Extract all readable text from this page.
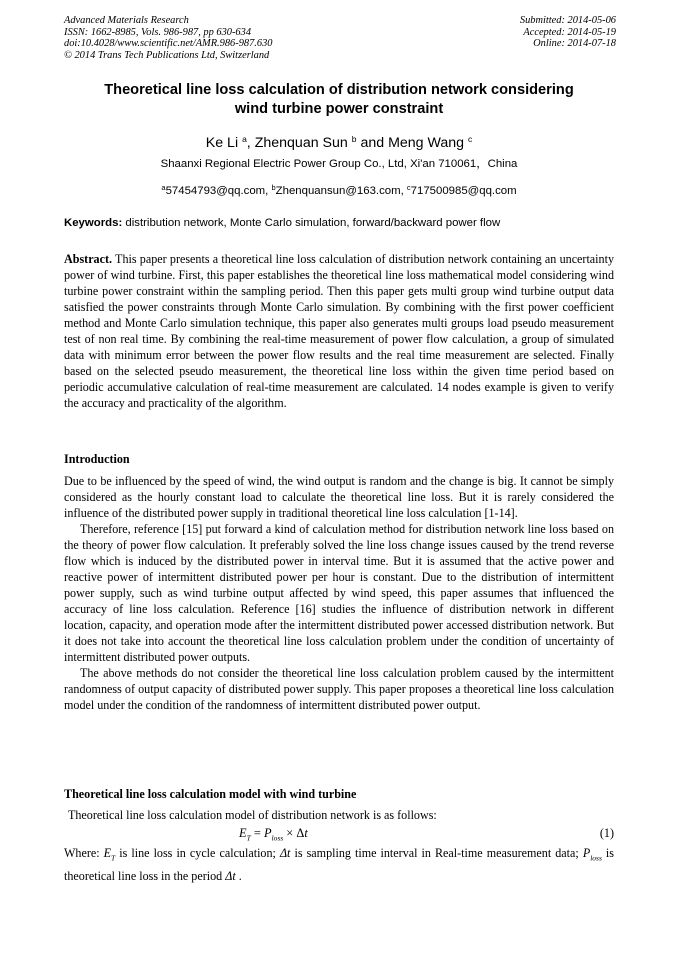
Advanced Materials Research
ISSN: 1662-8985, Vols. 986-987, pp 630-634
doi:10.4028/www.scientific.net/AMR.986-987.630
© 2014 Trans Tech Publications Ltd, Switzerland
Submitted: 2014-05-06
Accepted: 2014-05-19
Online: 2014-07-18
Theoretical line loss calculation of distribution network considering
wind turbine power constraint
Ke Li $^a$, Zhenquan Sun $^b$ and Meng Wang $^c$
Shaanxi Regional Electric Power Group Co., Ltd, Xi'an 710061，China
$^a$57454793@qq.com, $^b$Zhenquansun@163.com, $^c$717500985@qq.com
Keywords: distribution network, Monte Carlo simulation, forward/backward power flow

Abstract. This paper presents a theoretical line loss calculation of distribution network containing an uncertainty power of wind turbine. First, this paper establishes the theoretical line loss mathematical model considering wind turbine power constraint within the sampling period. Then this paper gets multi group wind turbine output data satisfied the power constraints through Monte Carlo simulation. By combining with the first power coefficient method and Monte Carlo simulation technique, this paper also generates multi groups load pseudo measurement test of non real time. By combining the real-time measurement of power flow calculation, a group of simulated data with minimum error between the power flow results and the real time measurement are selected. Finally based on the selected pseudo measurement, the theoretical line loss within the given time period based on periodic accumulative calculation of real-time measurement are calculated. 14 nodes example is given to verify the accuracy and practicality of the algorithm.

Introduction

Due to be influenced by the speed of wind, the wind output is random and the change is big. It cannot be simply considered as the hourly constant load to calculate the theoretical line loss. But it is rarely considered the influence of the distributed power supply in traditional theoretical line loss calculation [1-14].

Therefore, reference [15] put forward a kind of calculation method for distribution network line loss based on the theory of power flow calculation. It preferably solved the line loss change issues caused by the trend reverse flow which is induced by the distributed power in interval time. But it is assumed that the active power and reactive power of intermittent distributed power per hour is constant. Due to the distribution of intermittent power supply, such as wind turbine output affected by wind speed, this paper assumes that influenced the accuracy of line loss calculation. Reference [16] studies the influence of distribution network in different location, capacity, and operation mode after the intermittent distributed power accessed distribution network. But it does not take into account the theoretical line loss calculation problem under the condition of uncertainty of intermittent distributed power outputs.

The above methods do not consider the theoretical line loss calculation problem caused by the intermittent randomness of output capacity of distributed power supply. This paper proposes a theoretical line loss calculation model under the condition of the randomness of intermittent distributed power output.

Theoretical line loss calculation model with wind turbine
Theoretical line loss calculation model of distribution network is as follows:
$E_T = P_{loss} \times \Delta t$	(1)
Where: $E_T$ is line loss in cycle calculation; Δt is sampling time interval in Real-time measurement data; $P_{loss}$ is theoretical line loss in the period Δt .
